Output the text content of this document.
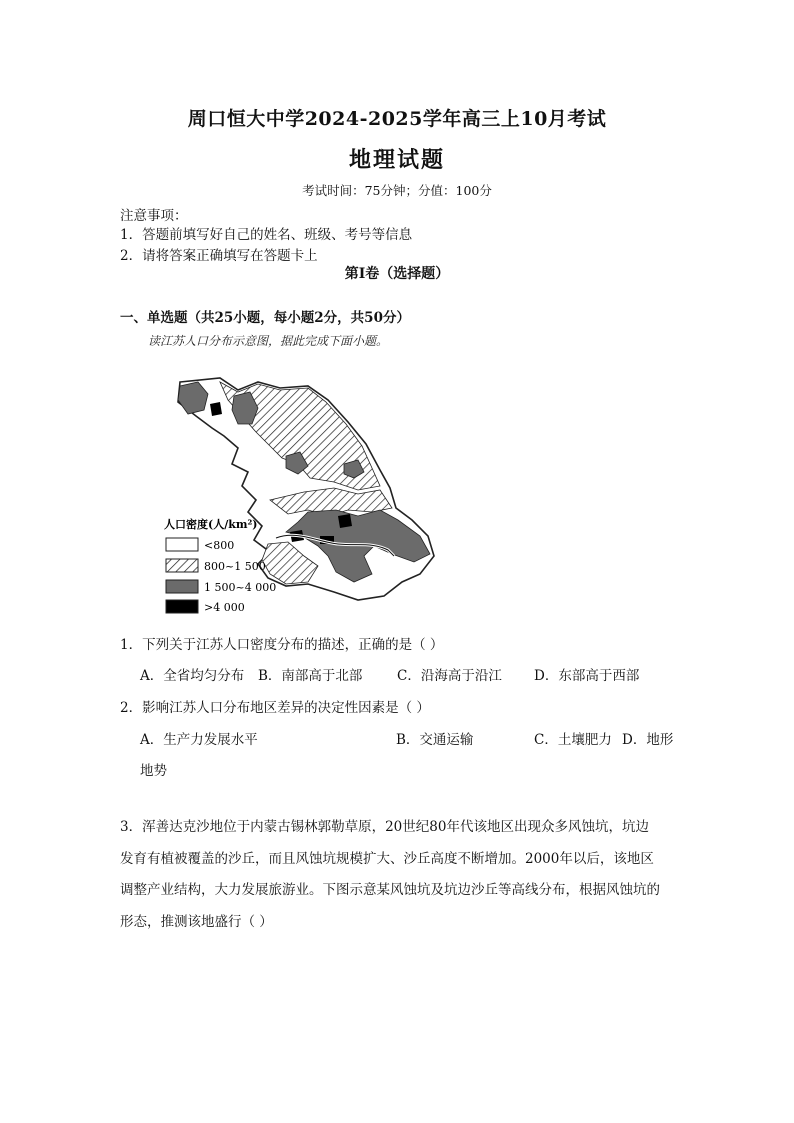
周口恒大中学2024-2025学年高三上10月考试
地理试题
考试时间：75分钟；分值：100分
注意事项：
1．答题前填写好自己的姓名、班级、考号等信息
2．请将答案正确填写在答题卡上
第I卷（选择题）
一、单选题（共25小题，每小题2分，共50分）
读江苏人口分布示意图，据此完成下面小题。
人口密度(人/km²)
<800
800~1 500
1 500~4 000
>4 000
1．下列关于江苏人口密度分布的描述，正确的是（ ）
A．全省均匀分布 B．南部高于北部	C．沿海高于沿江 D．东部高于西部
2．影响江苏人口分布地区差异的决定性因素是（ ）
A．生产力发展水平	B．交通运输	C．土壤肥力 D．地形
地势
3．浑善达克沙地位于内蒙古锡林郭勒草原，20世纪80年代该地区出现众多风蚀坑，坑边
发育有植被覆盖的沙丘，而且风蚀坑规模扩大、沙丘高度不断增加。2000年以后，该地区
调整产业结构，大力发展旅游业。下图示意某风蚀坑及坑边沙丘等高线分布，根据风蚀坑的
形态，推测该地盛行（ ）
